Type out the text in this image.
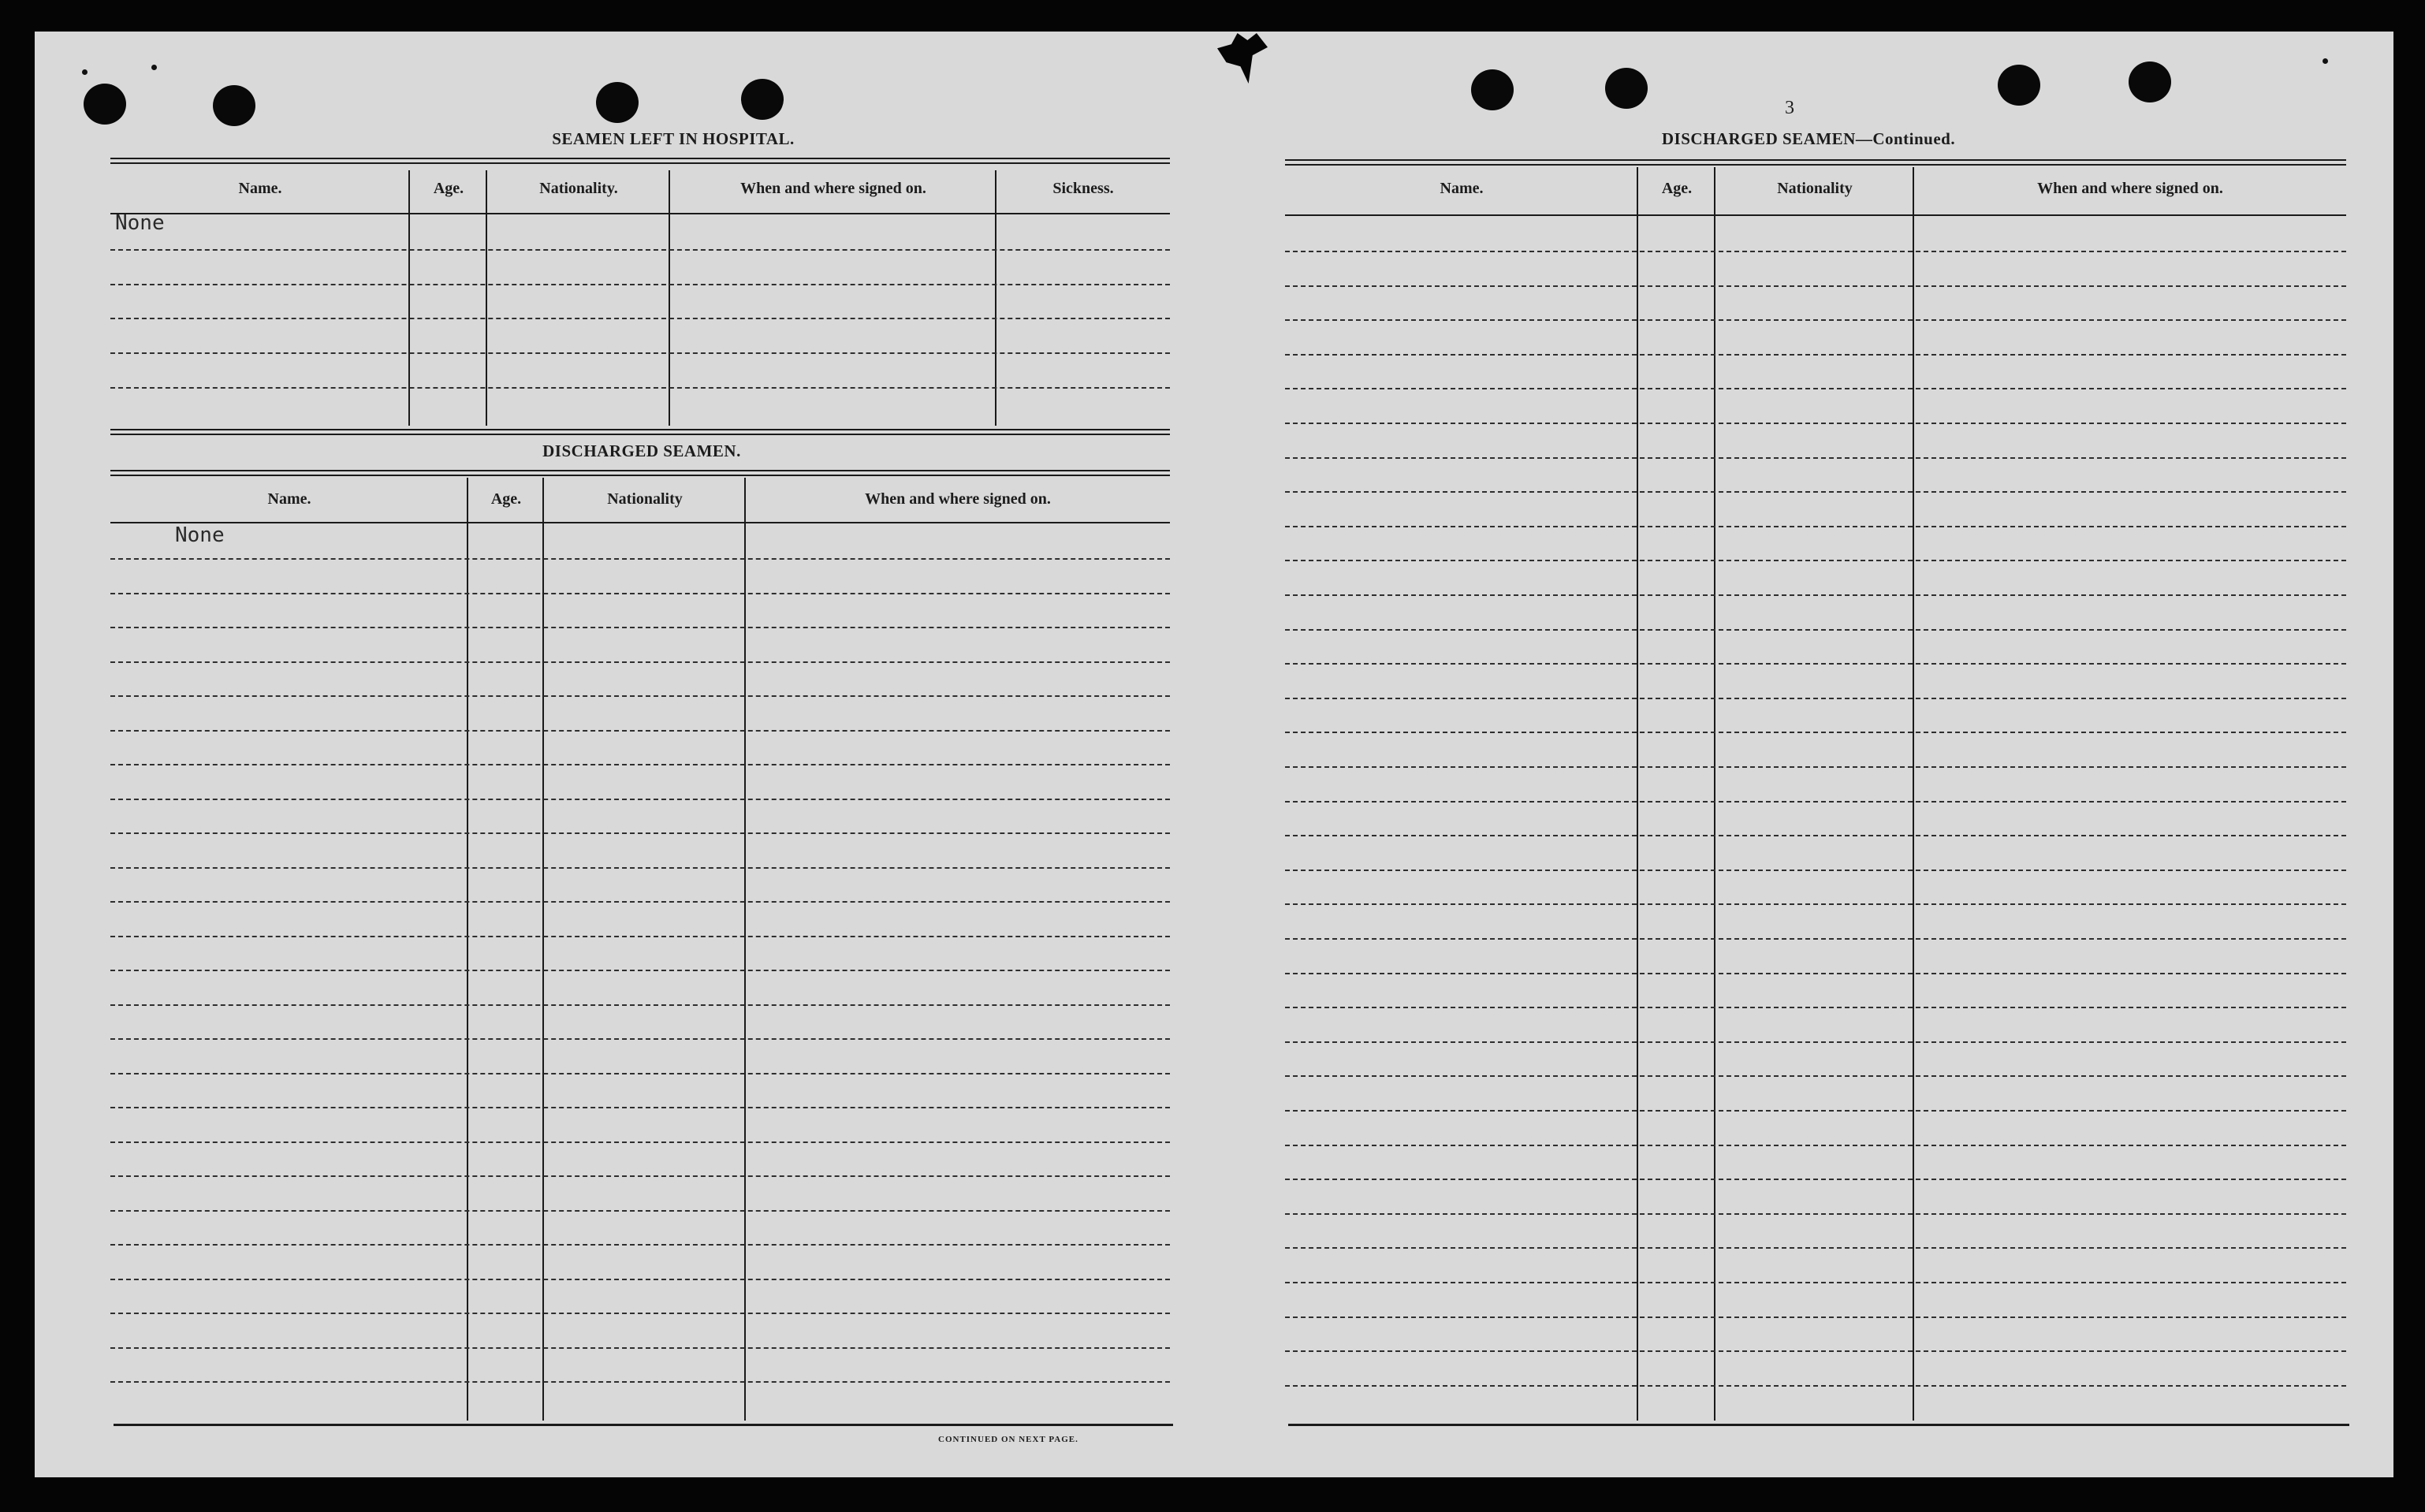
SEAMEN LEFT IN HOSPITAL.
Name.	Age.	Nationality.	When and where signed on.	Sickness.
None
DISCHARGED SEAMEN.
Name.	Age.	Nationality	When and where signed on.
None
CONTINUED ON NEXT PAGE.
3
DISCHARGED SEAMEN—Continued.
Name.	Age.	Nationality	When and where signed on.
